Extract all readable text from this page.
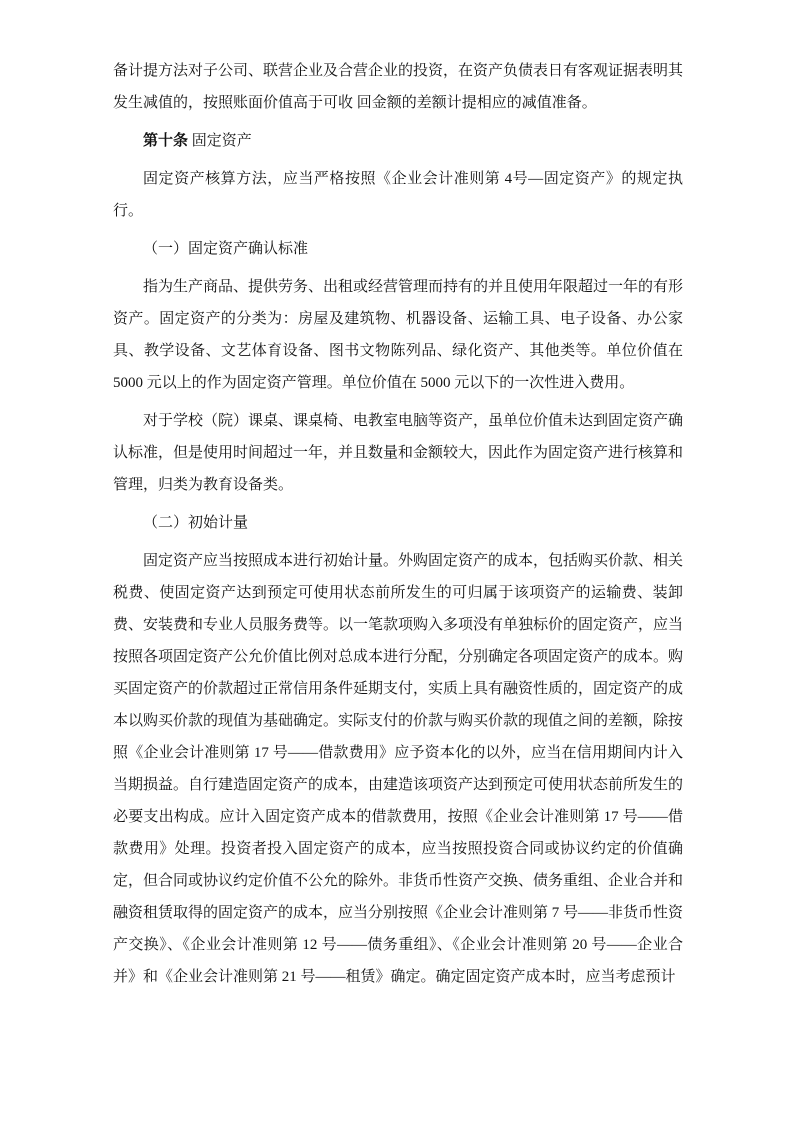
备计提方法对子公司、联营企业及合营企业的投资，在资产负债表日有客观证据表明其发生减值的，按照账面价值高于可收 回金额的差额计提相应的减值准备。

第十条 固定资产

固定资产核算方法，应当严格按照《企业会计准则第 4号—固定资产》的规定执行。

（一）固定资产确认标准

指为生产商品、提供劳务、出租或经营管理而持有的并且使用年限超过一年的有形资产。固定资产的分类为：房屋及建筑物、机器设备、运输工具、电子设备、办公家具、教学设备、文艺体育设备、图书文物陈列品、绿化资产、其他类等。单位价值在 5000 元以上的作为固定资产管理。单位价值在 5000 元以下的一次性进入费用。

对于学校（院）课桌、课桌椅、电教室电脑等资产，虽单位价值未达到固定资产确认标准，但是使用时间超过一年，并且数量和金额较大，因此作为固定资产进行核算和管理，归类为教育设备类。

（二）初始计量

固定资产应当按照成本进行初始计量。外购固定资产的成本，包括购买价款、相关税费、使固定资产达到预定可使用状态前所发生的可归属于该项资产的运输费、装卸费、安装费和专业人员服务费等。以一笔款项购入多项没有单独标价的固定资产，应当按照各项固定资产公允价值比例对总成本进行分配，分别确定各项固定资产的成本。购买固定资产的价款超过正常信用条件延期支付，实质上具有融资性质的，固定资产的成本以购买价款的现值为基础确定。实际支付的价款与购买价款的现值之间的差额，除按照《企业会计准则第 17 号——借款费用》应予资本化的以外，应当在信用期间内计入当期损益。自行建造固定资产的成本，由建造该项资产达到预定可使用状态前所发生的必要支出构成。应计入固定资产成本的借款费用，按照《企业会计准则第 17 号——借款费用》处理。投资者投入固定资产的成本，应当按照投资合同或协议约定的价值确定，但合同或协议约定价值不公允的除外。非货币性资产交换、债务重组、企业合并和融资租赁取得的固定资产的成本，应当分别按照《企业会计准则第 7 号——非货币性资产交换》、《企业会计准则第 12 号——债务重组》、《企业会计准则第 20 号——企业合并》和《企业会计准则第 21 号——租赁》确定。确定固定资产成本时，应当考虑预计
